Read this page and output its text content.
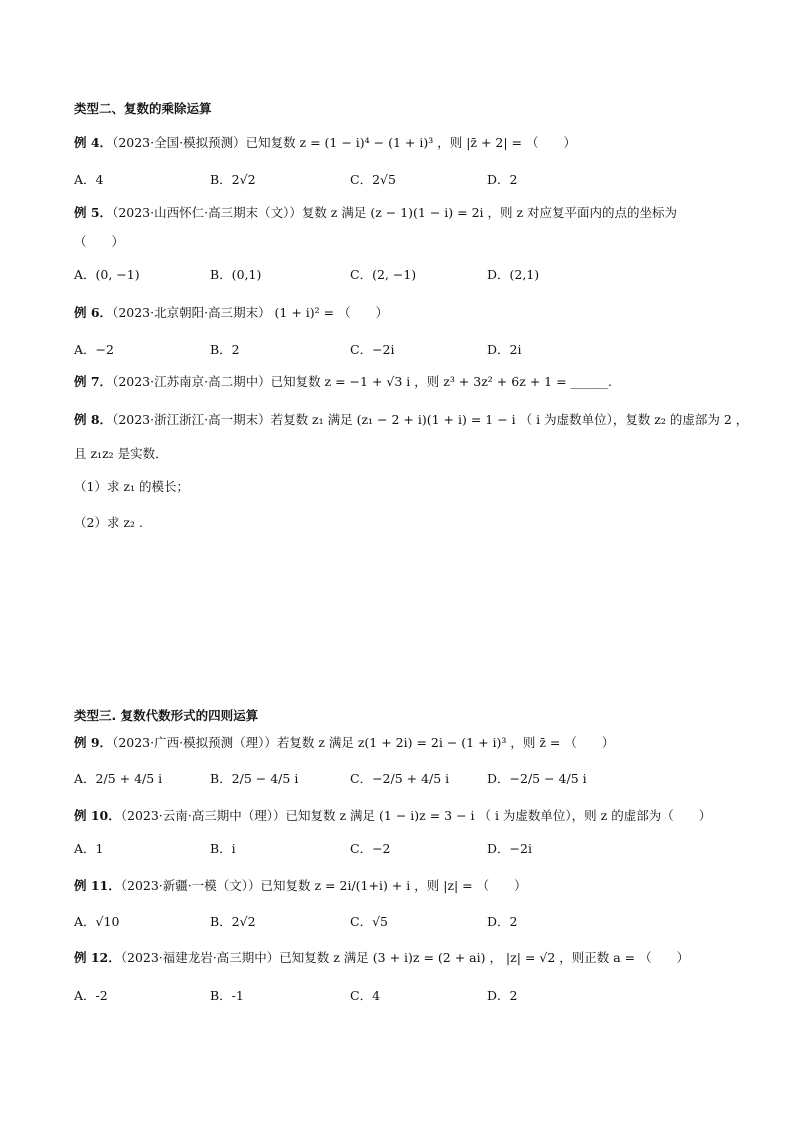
类型二、复数的乘除运算
例 4．（2023·全国·模拟预测）已知复数 z = (1 − i)⁴ − (1 + i)³ ，则 |z̄ + 2| = （　　）
A．4	B．2√2	C．2√5	D．2
例 5．（2023·山西怀仁·高三期末（文））复数 z 满足 (z − 1)(1 − i) = 2i ，则 z 对应复平面内的点的坐标为
（　　）
A．(0, −1)	B．(0,1)	C．(2, −1)	D．(2,1)
例 6．（2023·北京朝阳·高三期末） (1 + i)² = （　　）
A．−2	B．2	C．−2i	D．2i
例 7．（2023·江苏南京·高二期中）已知复数 z = −1 + √3 i ，则 z³ + 3z² + 6z + 1 = ______.
例 8．（2023·浙江浙江·高一期末）若复数 z₁ 满足 (z₁ − 2 + i)(1 + i) = 1 − i （ i 为虚数单位），复数 z₂ 的虚部为 2 ，
且 z₁z₂ 是实数．
（1）求 z₁ 的模长；
（2）求 z₂ .
类型三. 复数代数形式的四则运算
例 9．（2023·广西·模拟预测（理））若复数 z 满足 z(1 + 2i) = 2i − (1 + i)³ ，则 z̄ = （　　）
A．2/5 + 4/5 i	B．2/5 − 4/5 i	C．−2/5 + 4/5 i	D．−2/5 − 4/5 i
例 10．（2023·云南·高三期中（理））已知复数 z 满足 (1 − i)z = 3 − i （ i 为虚数单位），则 z 的虚部为（　　）
A．1	B．i	C．−2	D．−2i
例 11．（2023·新疆·一模（文））已知复数 z = 2i/(1+i) + i ，则 |z| = （　　）
A．√10	B．2√2	C．√5	D．2
例 12．（2023·福建龙岩·高三期中）已知复数 z 满足 (3 + i)z = (2 + ai) ， |z| = √2 ，则正数 a = （　　）
A．-2	B．-1	C．4	D．2
